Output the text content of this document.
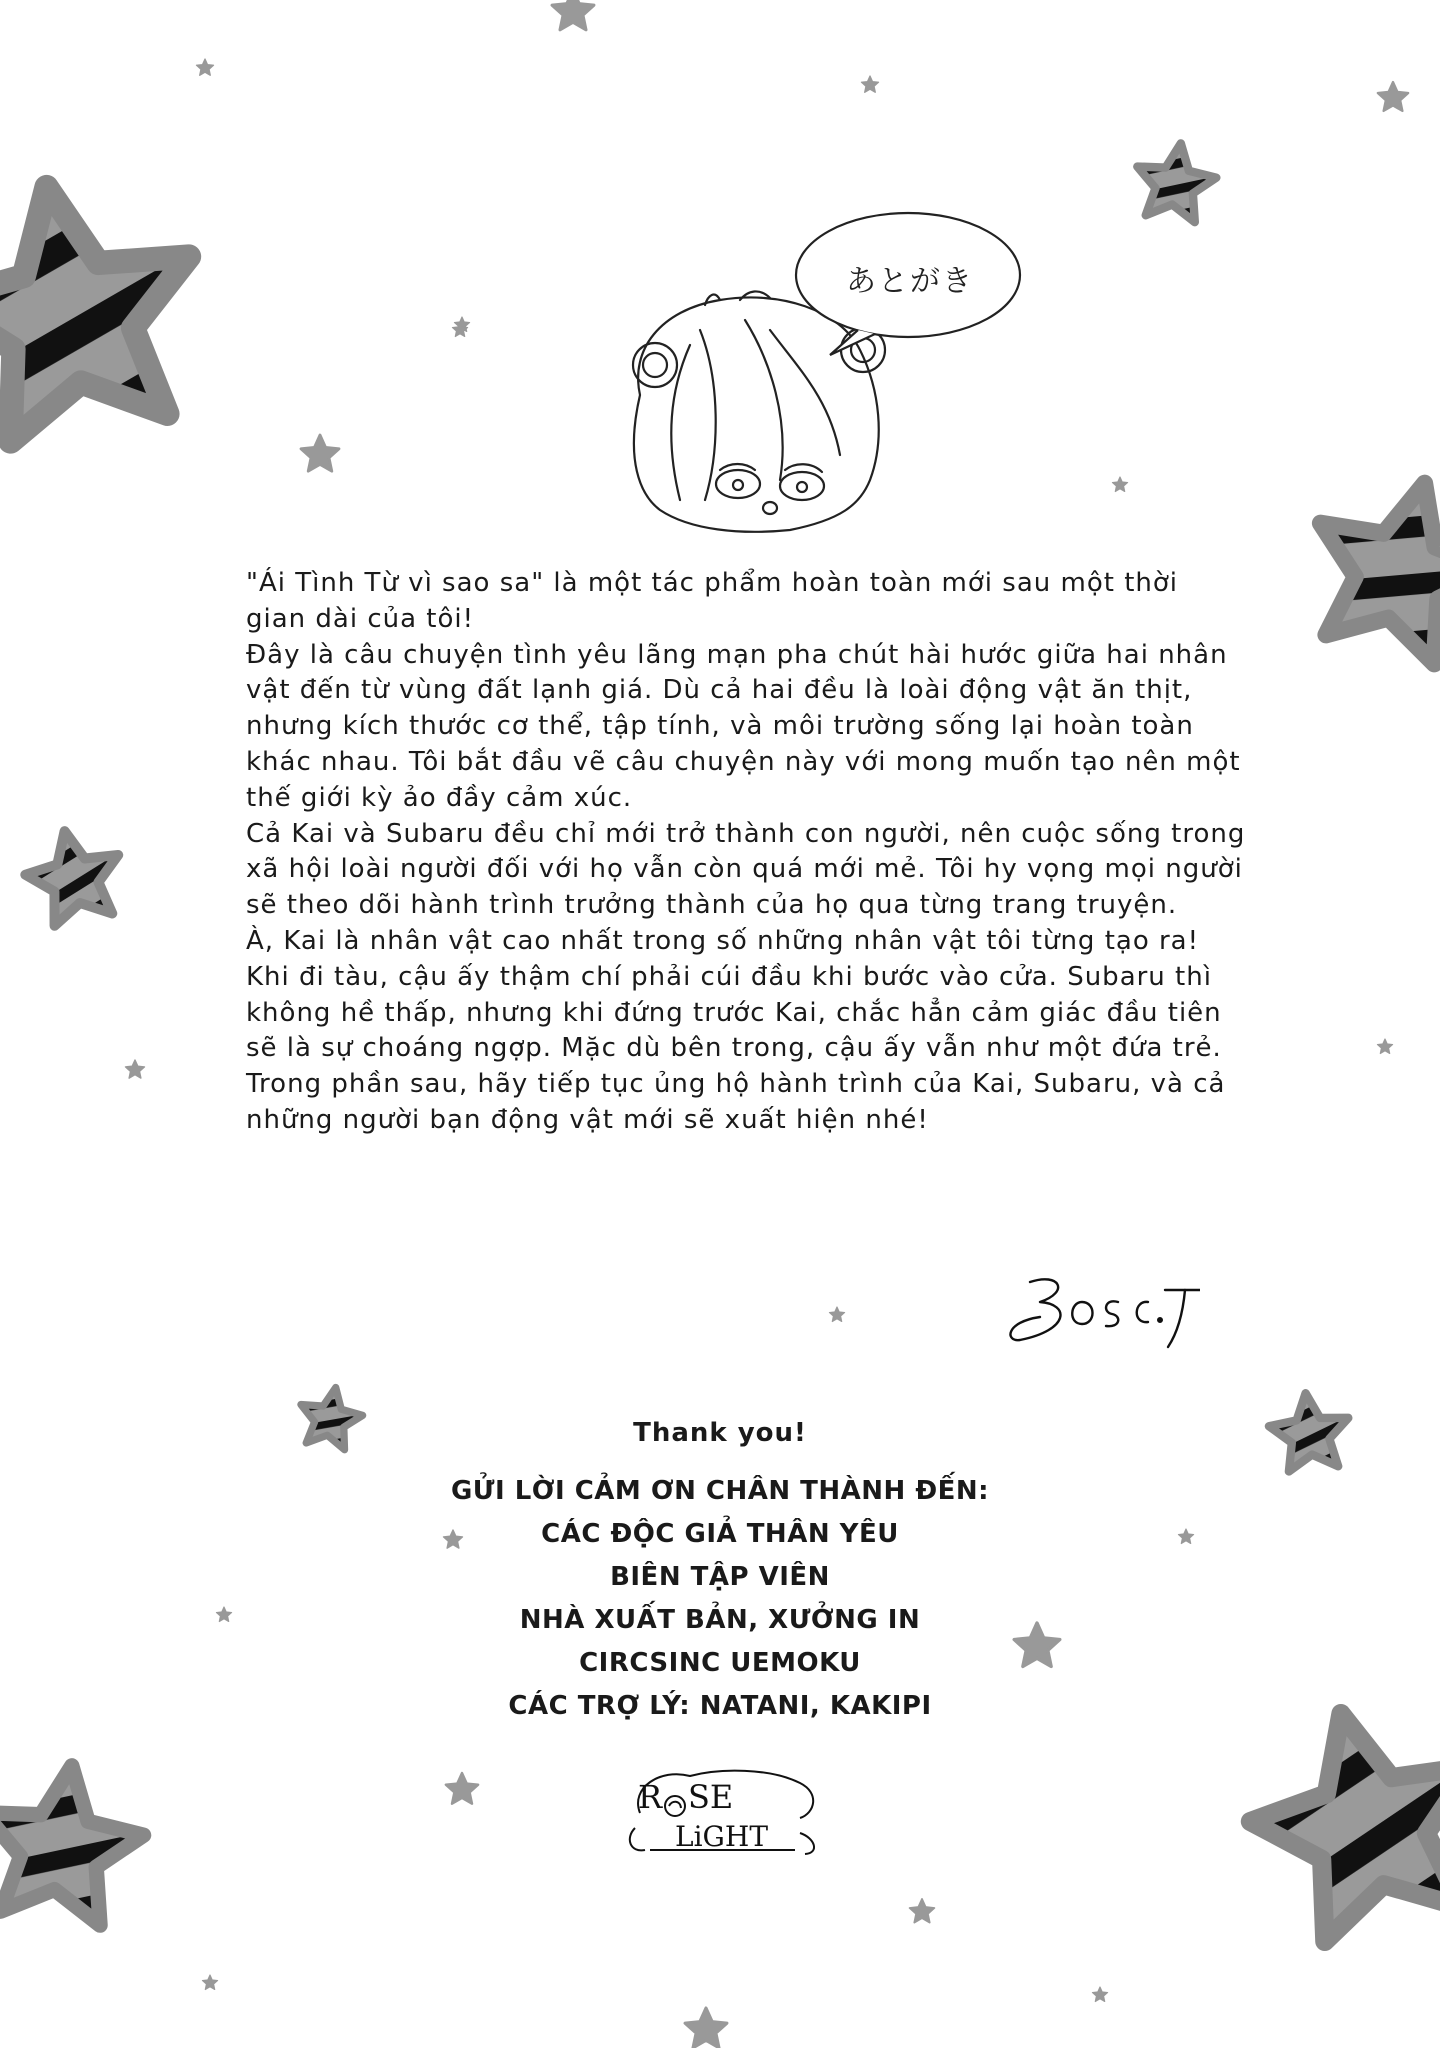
あとがき

"Ái Tình Từ vì sao sa" là một tác phẩm hoàn toàn mới sau một thời gian dài của tôi!

Đây là câu chuyện tình yêu lãng mạn pha chút hài hước giữa hai nhân vật đến từ vùng đất lạnh giá. Dù cả hai đều là loài động vật ăn thịt, nhưng kích thước cơ thể, tập tính, và môi trường sống lại hoàn toàn khác nhau. Tôi bắt đầu vẽ câu chuyện này với mong muốn tạo nên một thế giới kỳ ảo đầy cảm xúc.

Cả Kai và Subaru đều chỉ mới trở thành con người, nên cuộc sống trong xã hội loài người đối với họ vẫn còn quá mới mẻ. Tôi hy vọng mọi người sẽ theo dõi hành trình trưởng thành của họ qua từng trang truyện.

À, Kai là nhân vật cao nhất trong số những nhân vật tôi từng tạo ra! Khi đi tàu, cậu ấy thậm chí phải cúi đầu khi bước vào cửa. Subaru thì không hề thấp, nhưng khi đứng trước Kai, chắc hẳn cảm giác đầu tiên sẽ là sự choáng ngợp. Mặc dù bên trong, cậu ấy vẫn như một đứa trẻ.

Trong phần sau, hãy tiếp tục ủng hộ hành trình của Kai, Subaru, và cả những người bạn động vật mới sẽ xuất hiện nhé!

Thank you!
GỬI LỜI CẢM ƠN CHÂN THÀNH ĐẾN:
CÁC ĐỘC GIẢ THÂN YÊU
BIÊN TẬP VIÊN
NHÀ XUẤT BẢN, XƯỞNG IN
CIRCSINC UEMOKU
CÁC TRỢ LÝ: NATANI, KAKIPI
R SE
LiGHT
